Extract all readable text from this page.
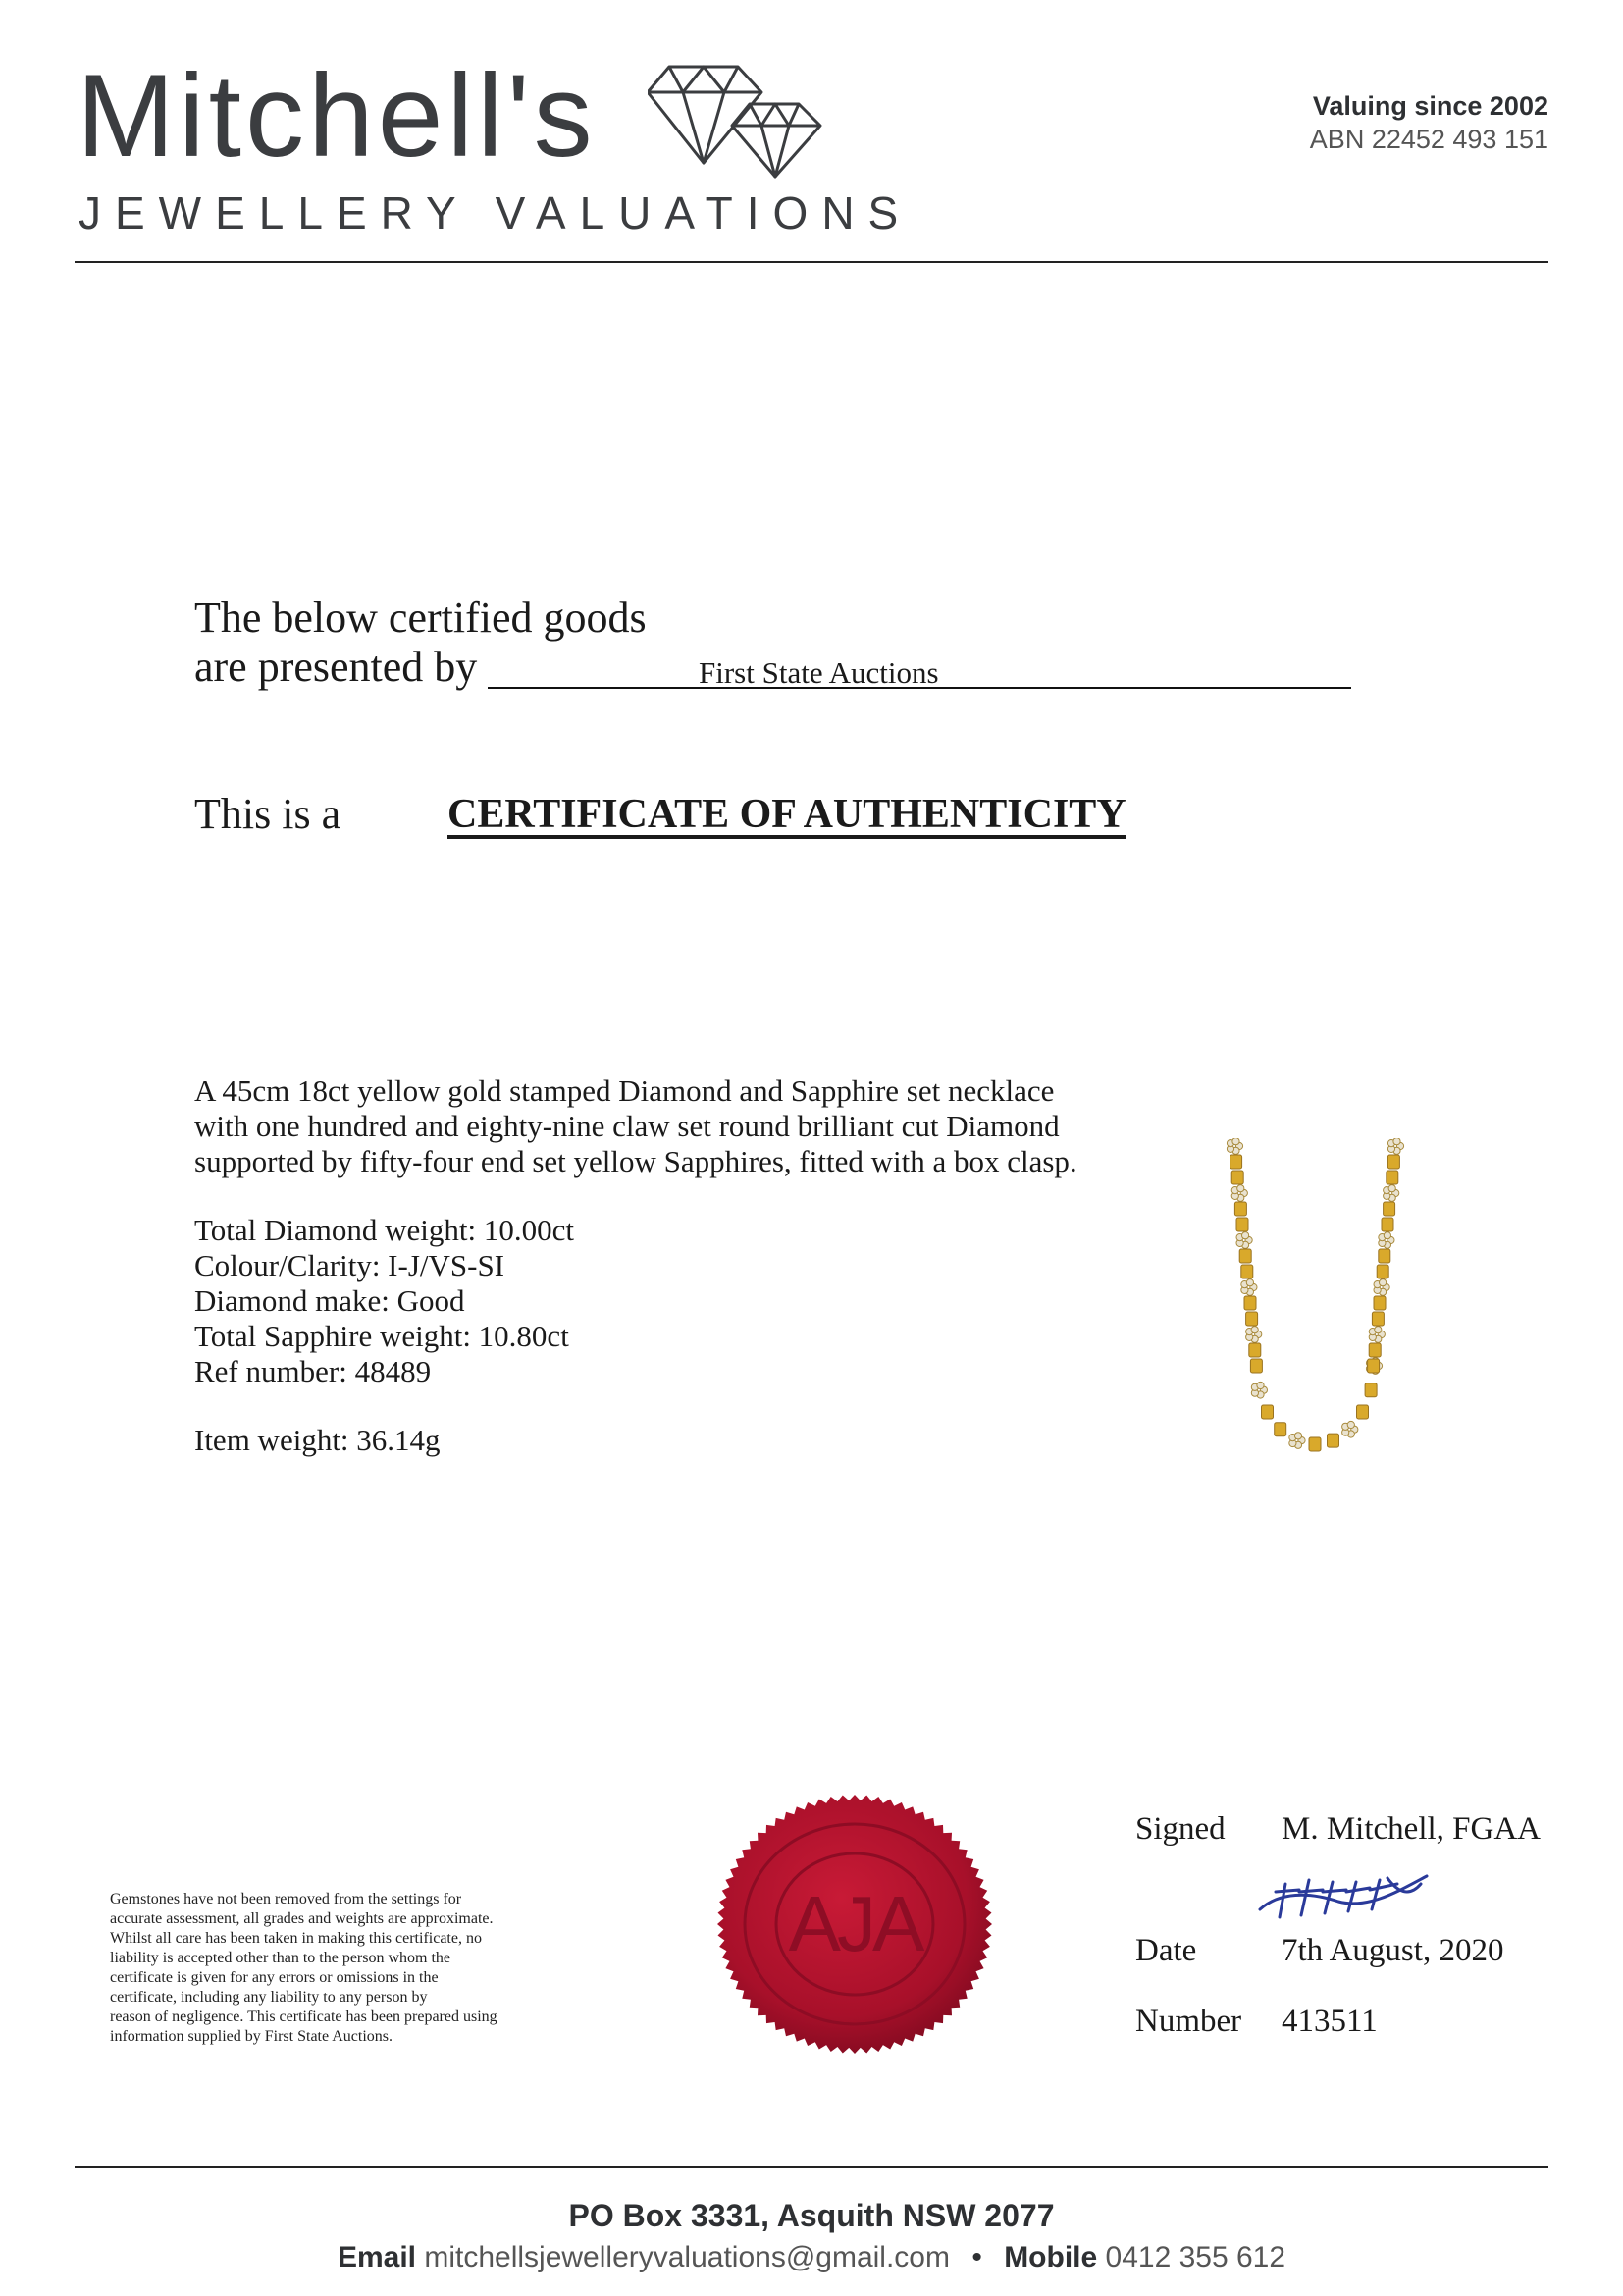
Mitchell's
JEWELLERY VALUATIONS
Valuing since 2002
ABN 22452 493 151
The below certified goods
are presented by	First State Auctions
This is a	CERTIFICATE OF AUTHENTICITY
A 45cm 18ct yellow gold stamped Diamond and Sapphire set necklace
with one hundred and eighty-nine claw set round brilliant cut Diamond
supported by fifty-four end set yellow Sapphires, fitted with a box clasp.
Total Diamond weight: 10.00ct
Colour/Clarity: I-J/VS-SI
Diamond make: Good
Total Sapphire weight: 10.80ct
Ref number: 48489
Item weight: 36.14g
AJA
Gemstones have not been removed from the settings for
accurate assessment, all grades and weights are approximate.
Whilst all care has been taken in making this certificate, no
liability is accepted other than to the person whom the
certificate is given for any errors or omissions in the
certificate, including any liability to any person by
reason of negligence. This certificate has been prepared using
information supplied by First State Auctions.
Signed M. Mitchell, FGAA
Date	7th August, 2020
Number 413511
PO Box 3331, Asquith NSW 2077
Email mitchellsjewelleryvaluations@gmail.com • Mobile 0412 355 612
